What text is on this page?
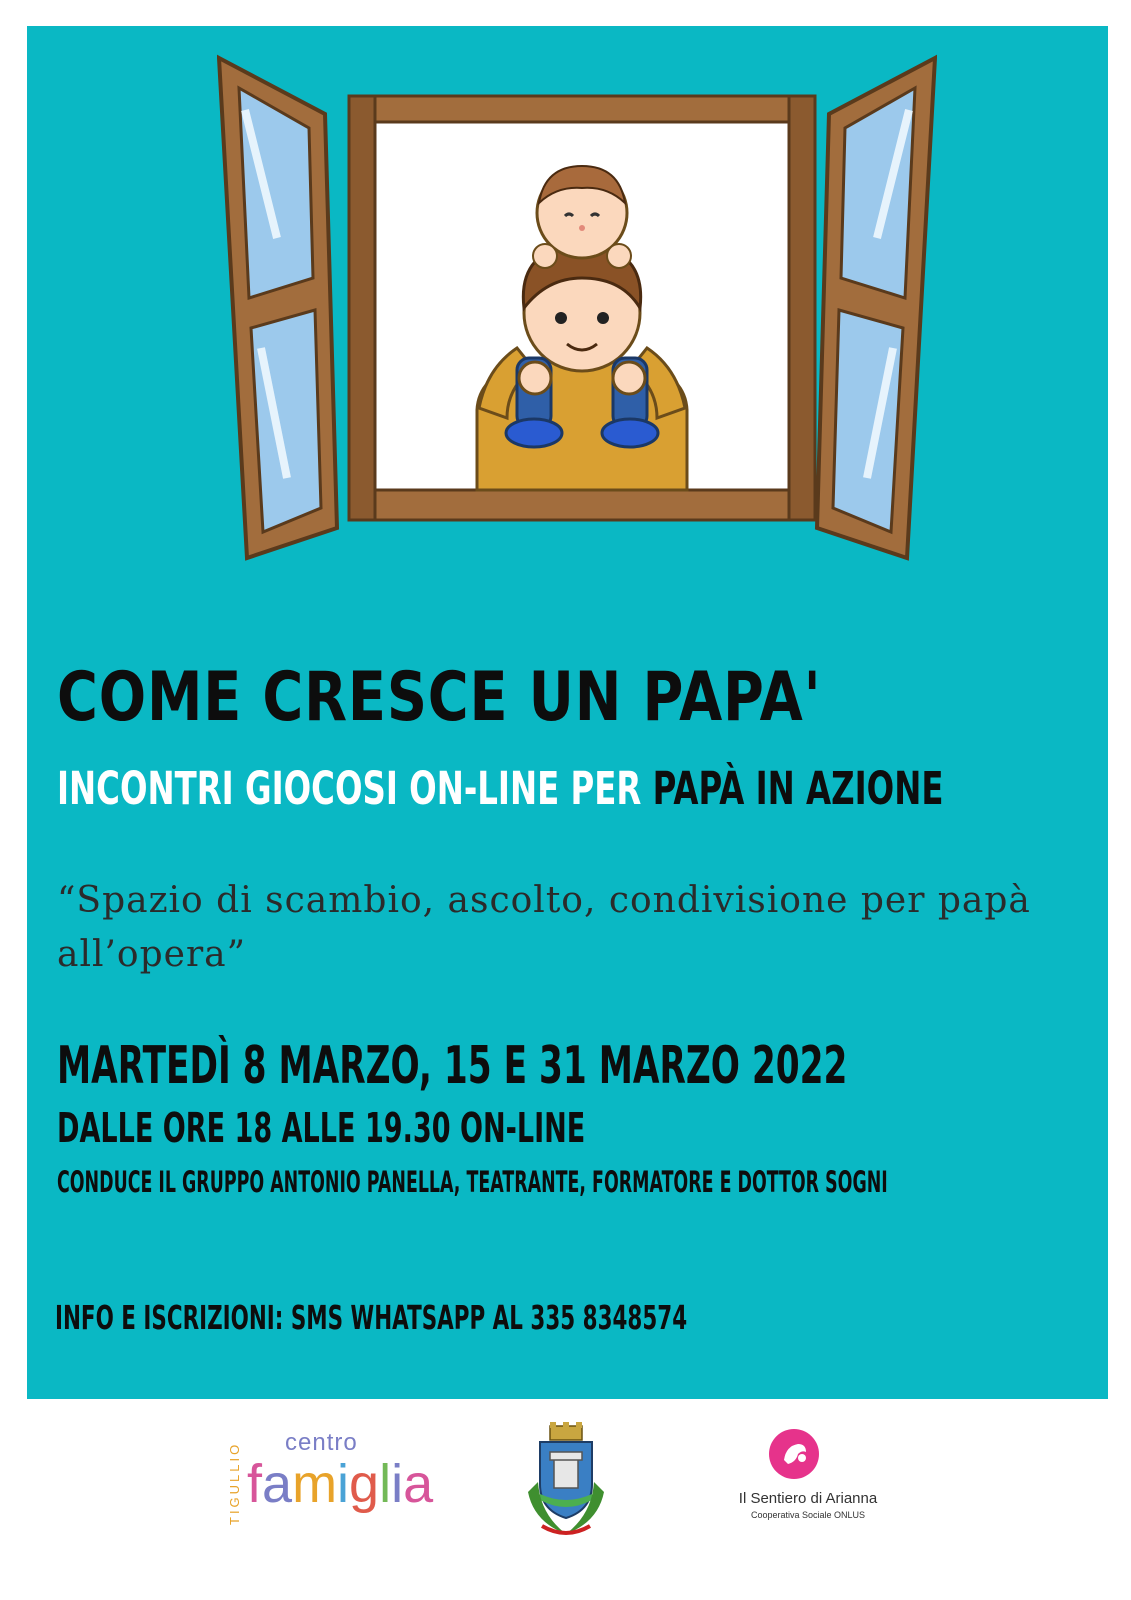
COME CRESCE UN PAPA'
INCONTRI GIOCOSI ON-LINE PER PAPÀ IN AZIONE
“Spazio di scambio, ascolto, condivisione per papà all’opera”
MARTEDÌ 8 MARZO, 15 E 31 MARZO 2022
DALLE ORE 18 ALLE 19.30 ON-LINE
CONDUCE IL GRUPPO ANTONIO PANELLA, TEATRANTE, FORMATORE E DOTTOR SOGNI
INFO E ISCRIZIONI: SMS WHATSAPP AL 335 8348574
TIGULLIO centro
famiglia	Il Sentiero di Arianna
Cooperativa Sociale ONLUS
